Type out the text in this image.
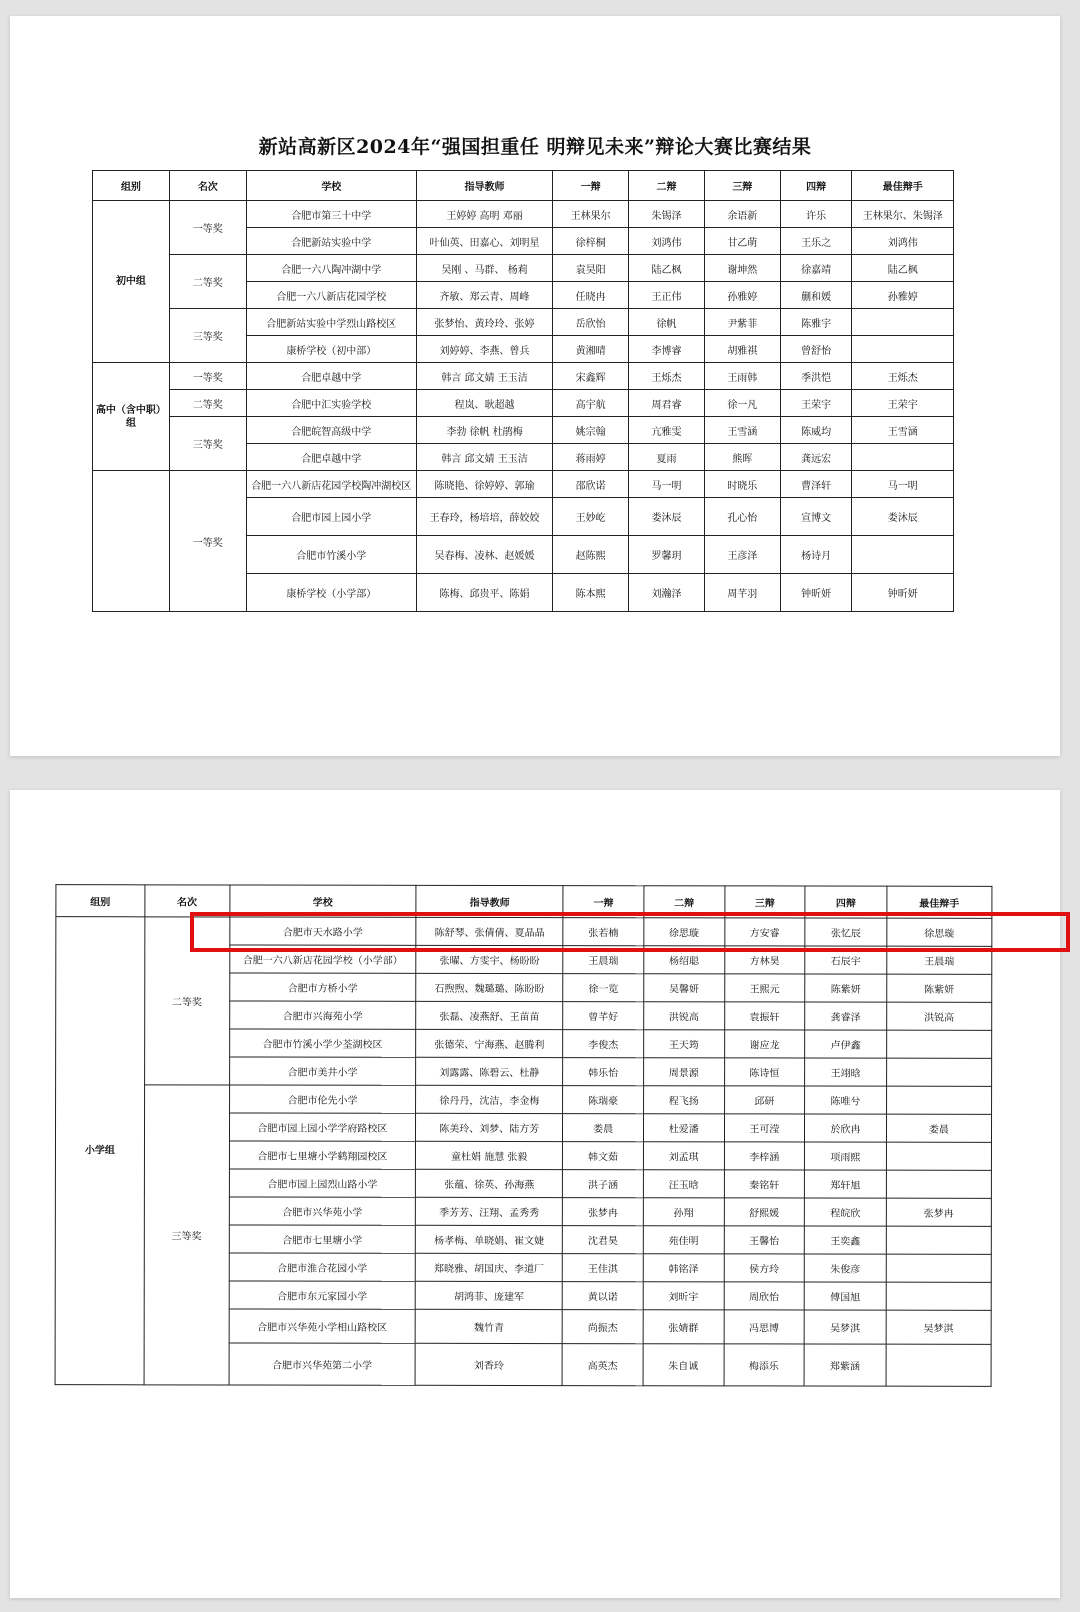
新站高新区2024年“强国担重任 明辩见未来”辩论大赛比赛结果
组别	名次	学校	指导教师	一辩	二辩	三辩	四辩	最佳辩手
初中组	一等奖	合肥市第三十中学	王婷婷 高明 邓丽	王林果尔	朱锡泽	余语新	许乐	王林果尔、朱锡泽
		合肥新站实验中学	叶仙英、田嘉心、刘明星	徐梓桐	刘鸿伟	甘乙萌	王乐之	刘鸿伟
	二等奖	合肥一六八陶冲湖中学	吴刚 、马群、 杨莉	袁昊阳	陆乙枫	谢坤然	徐嘉靖	陆乙枫
		合肥一六八新店花园学校	齐敏、郑云青、周峰	任晓冉	王正伟	孙雅婷	蒯和媛	孙雅婷
	三等奖	合肥新站实验中学烈山路校区	张梦怡、黄玲玲、张婷	岳欣怡	徐帆	尹紫菲	陈雅宇	
		康桥学校（初中部）	刘婷婷、李燕、曾兵	黄湘晴	李博睿	胡雅祺	曾舒怡	
高中（含中职）组	一等奖	合肥卓越中学	韩言 邱文婧 王玉洁	宋鑫辉	王烁杰	王雨韩	季洪恺	王烁杰
	二等奖	合肥中汇实验学校	程岚、耿超越	高宇航	周君睿	徐一凡	王荣宇	王荣宇
	三等奖	合肥皖智高级中学	李勃 徐帆 杜鹃梅	姚宗翰	亢雅雯	王雪涵	陈威均	王雪涵
		合肥卓越中学	韩言 邱文婧 王玉洁	蒋雨婷	夏雨	熊晖	龚远宏	
	一等奖	合肥一六八新店花园学校陶冲湖校区	陈晓艳、徐婷婷、郭瑜	邵欣诺	马一明	时晓乐	曹泽轩	马一明
		合肥市园上园小学	王春玲，杨培培，薛姣姣	王妙屹	娄沐辰	孔心怡	宣博文	娄沐辰
		合肥市竹溪小学	吴春梅、凌林、赵媛媛	赵陈熙	罗馨玥	王彦泽	杨诗月	
		康桥学校（小学部）	陈梅、邱贵平、陈娟	陈本熙	刘瀚泽	周芊羽	钟昕妍	钟昕妍
组别	名次	学校	指导教师	一辩	二辩	三辩	四辩	最佳辩手
小学组	二等奖	合肥市天水路小学	陈舒琴、张倩倩、夏晶晶	张若楠	徐思璇	方安睿	张忆辰	徐思璇
		合肥一六八新店花园学校（小学部）	张曜、方雯宇、杨盼盼	王晨瑞	杨绍聪	方林昊	石辰宇	王晨瑞
		合肥市方桥小学	石煦煦、魏璐璐、陈盼盼	徐一览	吴馨妍	王熙元	陈紫妍	陈紫妍
		合肥市兴海苑小学	张磊、凌燕舒、王苗苗	曾芊好	洪锐高	袁振轩	龚睿泽	洪锐高
		合肥市竹溪小学少荃湖校区	张德荣、宁海燕、赵腾利	李俊杰	王天筠	谢应龙	卢伊鑫	
		合肥市美井小学	刘露露、陈碧云、杜静	韩乐怡	周景源	陈诗恒	王翊晗	
	三等奖	合肥市伦先小学	徐丹丹，沈洁，李金梅	陈瑞豪	程飞扬	邱研	陈唯兮	
		合肥市园上园小学学府路校区	陈美玲、刘梦、陆方芳	娄晨	杜爱潘	王可滢	於欣冉	娄晨
		合肥市七里塘小学鹤翔园校区	童杜娟 施慧 张毅	韩文茹	刘孟琪	李梓涵	项雨熙	
		合肥市园上园烈山路小学	张蕴、徐英、孙海燕	洪子涵	汪玉晗	秦铭轩	郑轩旭	
		合肥市兴华苑小学	季芳芳、汪翔、孟秀秀	张梦冉	孙翔	舒熙媛	程皖欣	张梦冉
		合肥市七里塘小学	杨孝梅、单晓娟、崔文婕	沈君昊	苑佳明	王馨怡	王奕鑫	
		合肥市淮合花园小学	郑晓雅、胡国庆、李道厂	王佳淇	韩铭泽	侯方玲	朱俊彦	
		合肥市东元家园小学	胡鸿菲、庞建军	黄以诺	刘昕宇	周欣怡	傅国旭	
		合肥市兴华苑小学相山路校区	魏竹青	尚振杰	张婧群	冯思博	吴梦淇	吴梦淇
		合肥市兴华苑第二小学	刘香玲	高英杰	朱自诚	梅添乐	郑紫涵	
